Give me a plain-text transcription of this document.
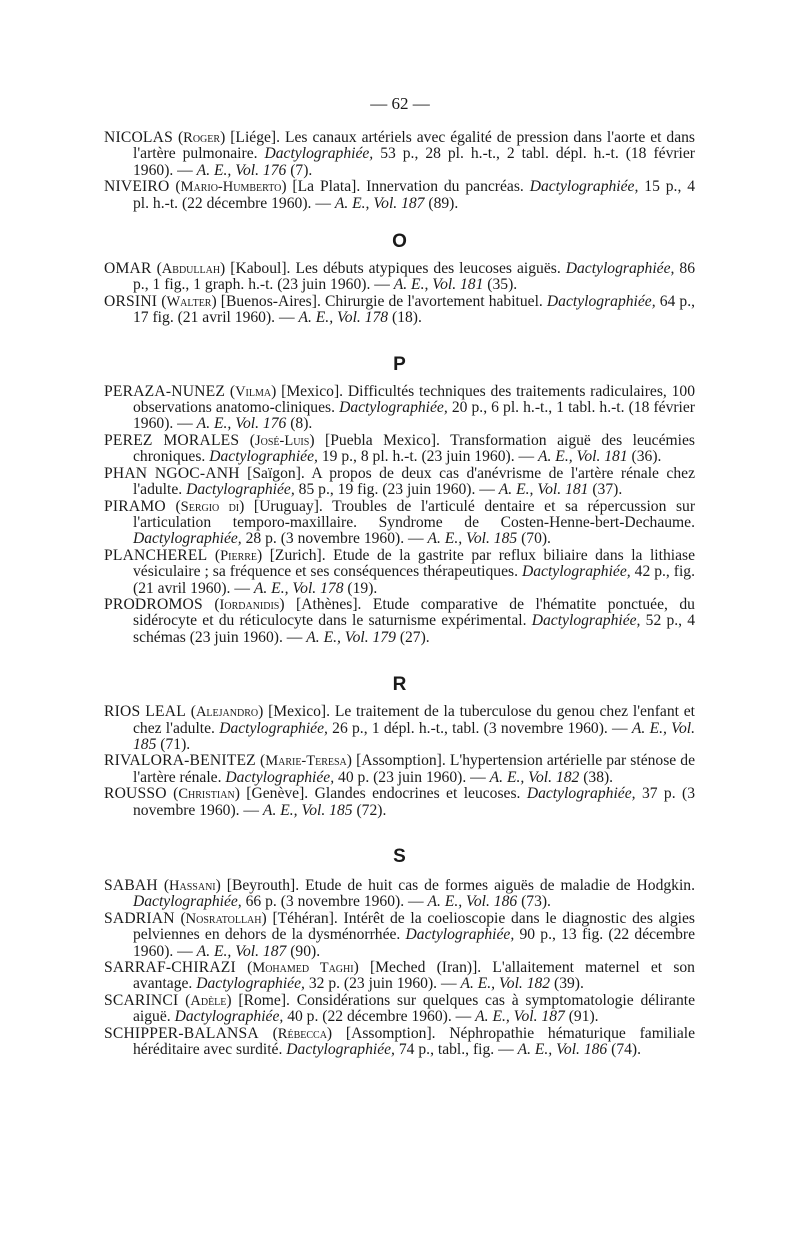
— 62 —
NICOLAS (Roger) [Liége]. Les canaux artériels avec égalité de pression dans l'aorte et dans l'artère pulmonaire. Dactylographiée, 53 p., 28 pl. h.-t., 2 tabl. dépl. h.-t. (18 février 1960). — A. E., Vol. 176 (7).
NIVEIRO (Mario-Humberto) [La Plata]. Innervation du pancréas. Dactylographiée, 15 p., 4 pl. h.-t. (22 décembre 1960). — A. E., Vol. 187 (89).
O
OMAR (Abdullah) [Kaboul]. Les débuts atypiques des leucoses aiguës. Dactylographiée, 86 p., 1 fig., 1 graph. h.-t. (23 juin 1960). — A. E., Vol. 181 (35).
ORSINI (Walter) [Buenos-Aires]. Chirurgie de l'avortement habituel. Dactylographiée, 64 p., 17 fig. (21 avril 1960). — A. E., Vol. 178 (18).
P
PERAZA-NUNEZ (Vilma) [Mexico]. Difficultés techniques des traitements radiculaires, 100 observations anatomo-cliniques. Dactylographiée, 20 p., 6 pl. h.-t., 1 tabl. h.-t. (18 février 1960). — A. E., Vol. 176 (8).
PEREZ MORALES (José-Luis) [Puebla Mexico]. Transformation aiguë des leucémies chroniques. Dactylographiée, 19 p., 8 pl. h.-t. (23 juin 1960). — A. E., Vol. 181 (36).
PHAN NGOC-ANH [Saïgon]. A propos de deux cas d'anévrisme de l'artère rénale chez l'adulte. Dactylographiée, 85 p., 19 fig. (23 juin 1960). — A. E., Vol. 181 (37).
PIRAMO (Sergio di) [Uruguay]. Troubles de l'articulé dentaire et sa répercussion sur l'articulation temporo-maxillaire. Syndrome de Costen-Henne-bert-Dechaume. Dactylographiée, 28 p. (3 novembre 1960). — A. E., Vol. 185 (70).
PLANCHEREL (Pierre) [Zurich]. Etude de la gastrite par reflux biliaire dans la lithiase vésiculaire ; sa fréquence et ses conséquences thérapeutiques. Dactylographiée, 42 p., fig. (21 avril 1960). — A. E., Vol. 178 (19).
PRODROMOS (Iordanidis) [Athènes]. Etude comparative de l'hématite ponctuée, du sidérocyte et du réticulocyte dans le saturnisme expérimental. Dactylographiée, 52 p., 4 schémas (23 juin 1960). — A. E., Vol. 179 (27).
R
RIOS LEAL (Alejandro) [Mexico]. Le traitement de la tuberculose du genou chez l'enfant et chez l'adulte. Dactylographiée, 26 p., 1 dépl. h.-t., tabl. (3 novembre 1960). — A. E., Vol. 185 (71).
RIVALORA-BENITEZ (Marie-Teresa) [Assomption]. L'hypertension artérielle par sténose de l'artère rénale. Dactylographiée, 40 p. (23 juin 1960). — A. E., Vol. 182 (38).
ROUSSO (Christian) [Genève]. Glandes endocrines et leucoses. Dactylographiée, 37 p. (3 novembre 1960). — A. E., Vol. 185 (72).
S
SABAH (Hassani) [Beyrouth]. Etude de huit cas de formes aiguës de maladie de Hodgkin. Dactylographiée, 66 p. (3 novembre 1960). — A. E., Vol. 186 (73).
SADRIAN (Nosratollah) [Téhéran]. Intérêt de la coelioscopie dans le diagnostic des algies pelviennes en dehors de la dysménorrhée. Dactylographiée, 90 p., 13 fig. (22 décembre 1960). — A. E., Vol. 187 (90).
SARRAF-CHIRAZI (Mohamed Taghi) [Meched (Iran)]. L'allaitement maternel et son avantage. Dactylographiée, 32 p. (23 juin 1960). — A. E., Vol. 182 (39).
SCARINCI (Adèle) [Rome]. Considérations sur quelques cas à symptomatologie délirante aiguë. Dactylographiée, 40 p. (22 décembre 1960). — A. E., Vol. 187 (91).
SCHIPPER-BALANSA (Rébecca) [Assomption]. Néphropathie hématurique familiale héréditaire avec surdité. Dactylographiée, 74 p., tabl., fig. — A. E., Vol. 186 (74).
